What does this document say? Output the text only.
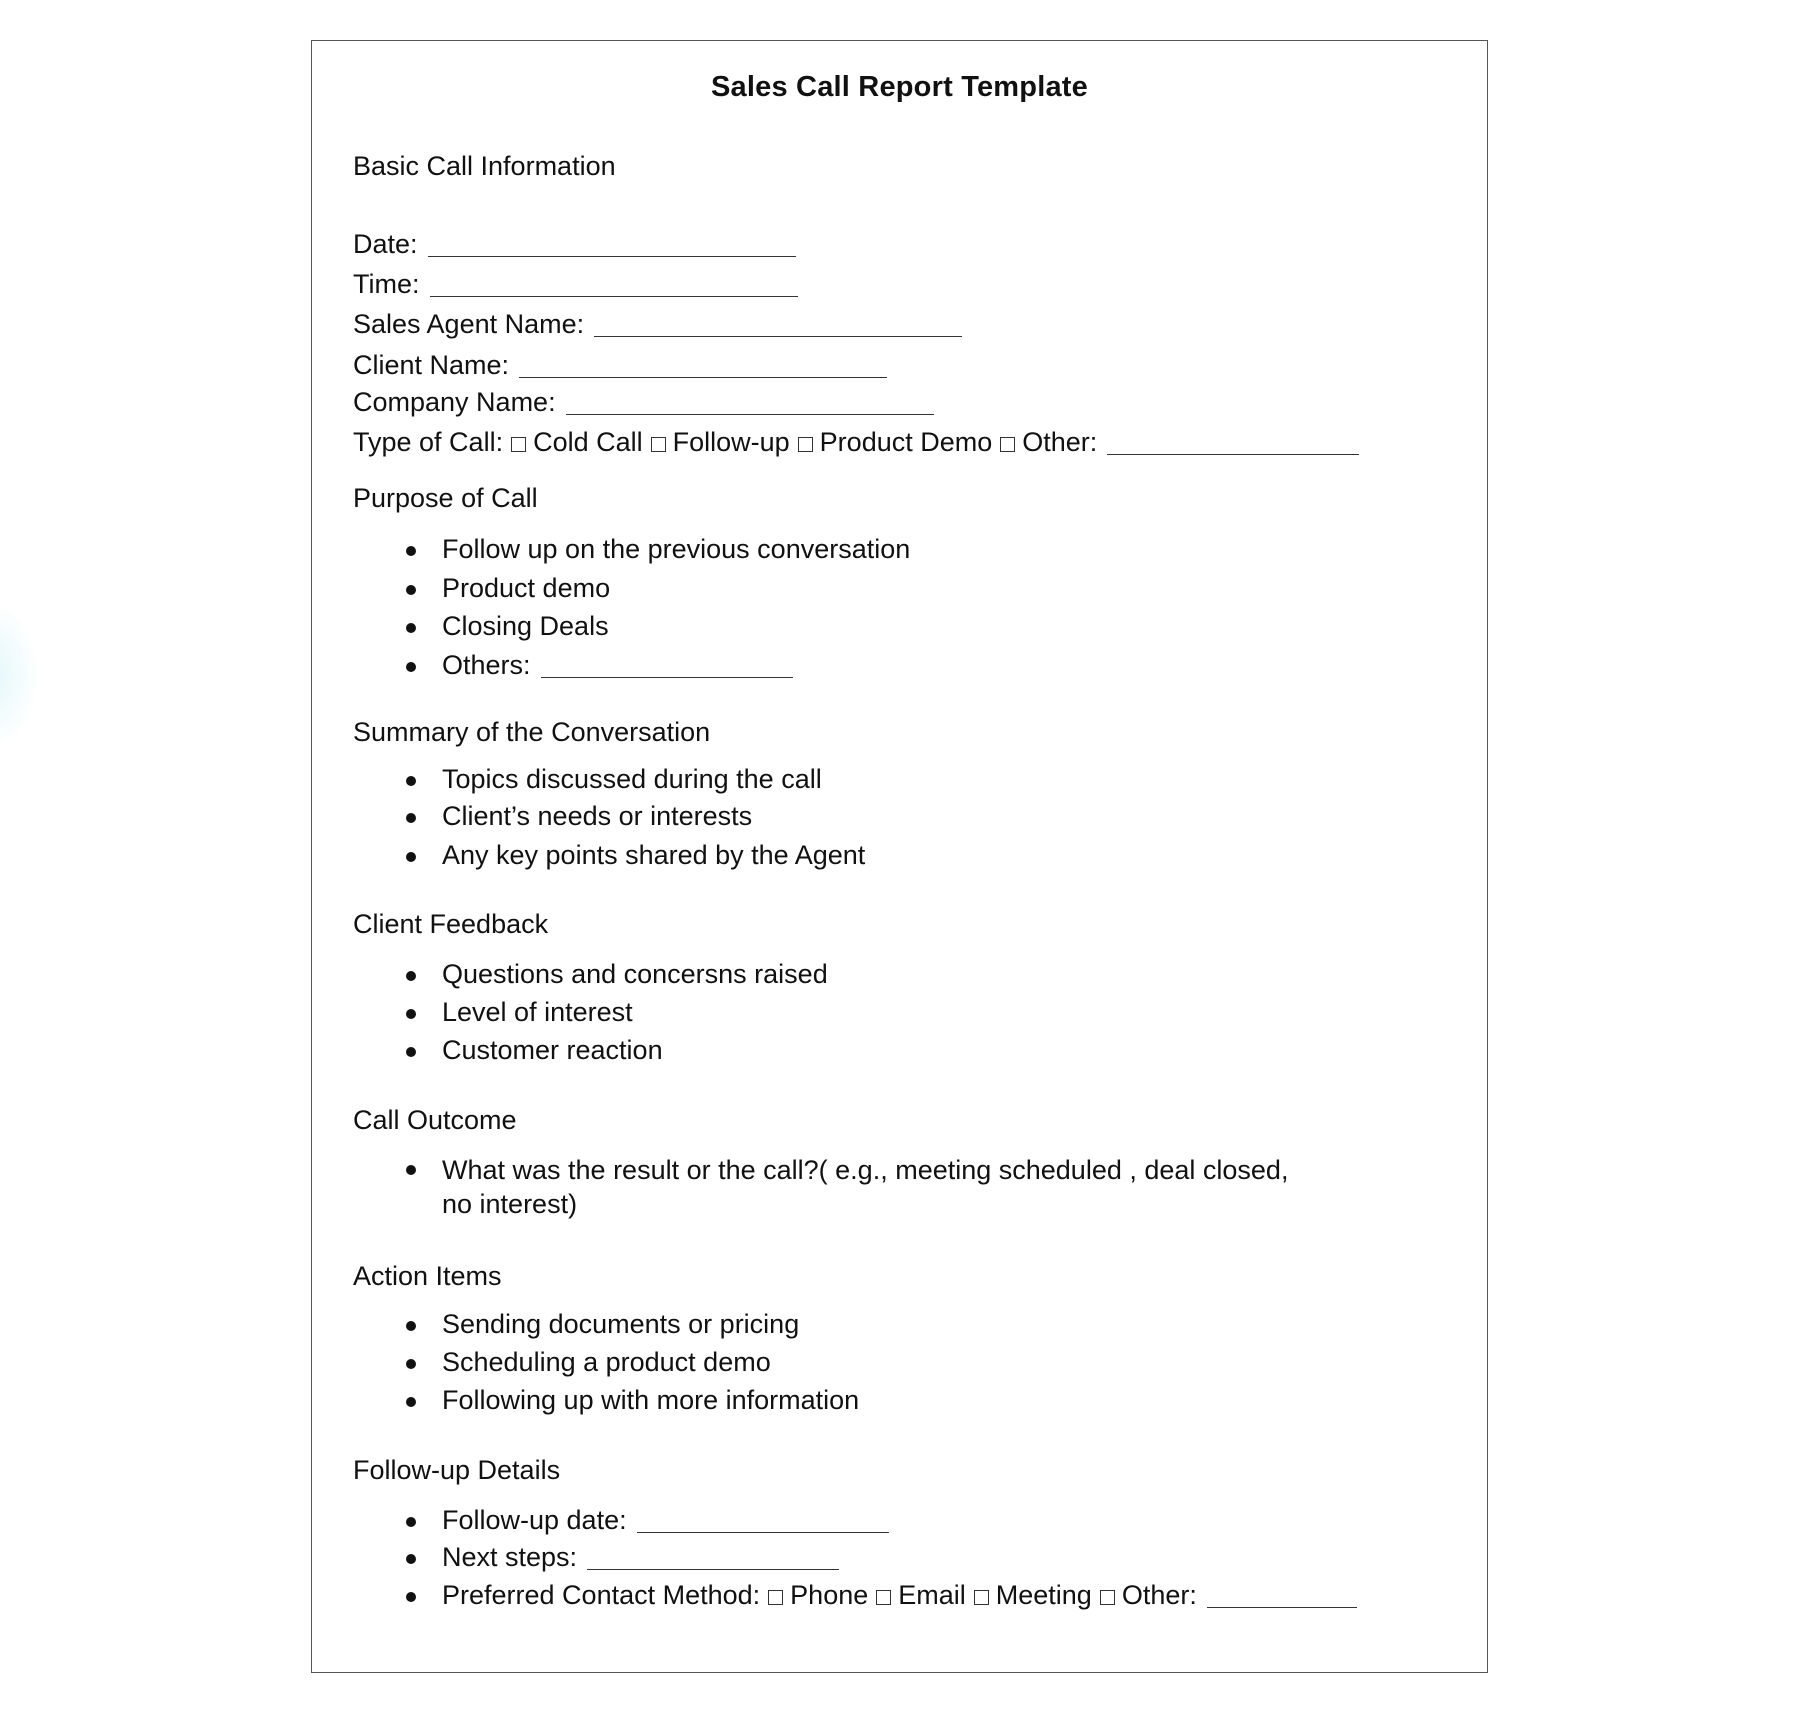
Sales Call Report Template
Basic Call Information
Date:
Time:
Sales Agent Name:
Client Name:
Company Name:
Type of Call: Cold Call Follow-up Product Demo Other:
Purpose of Call
Follow up on the previous conversation
Product demo
Closing Deals
Others:
Summary of the Conversation
Topics discussed during the call
Client’s needs or interests
Any key points shared by the Agent
Client Feedback
Questions and concersns raised
Level of interest
Customer reaction
Call Outcome
What was the result or the call?( e.g., meeting scheduled , deal closed, no interest)
Action Items
Sending documents or pricing
Scheduling a product demo
Following up with more information
Follow-up Details
Follow-up date:
Next steps:
Preferred Contact Method: Phone Email Meeting Other:
